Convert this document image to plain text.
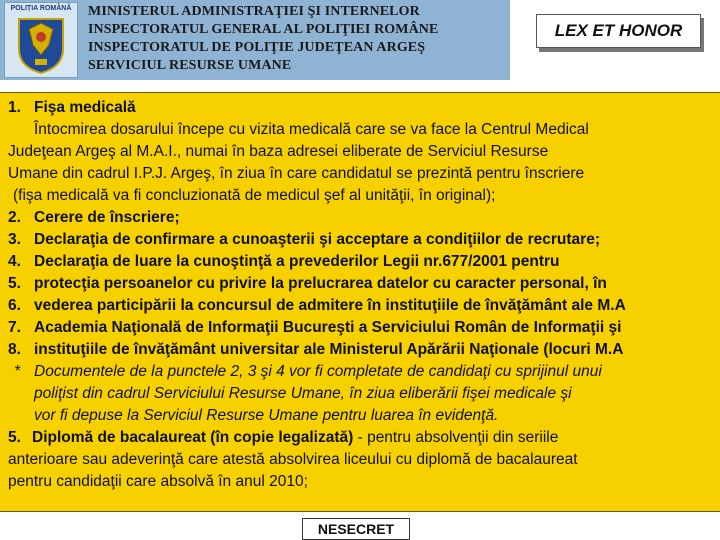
POLIȚIA ROMÂNĂ	MINISTERUL ADMINISTRAŢIEI ŞI INTERNELOR
INSPECTORATUL GENERAL AL POLIŢIEI ROMÂNE
INSPECTORATUL DE POLIŢIE JUDEŢEAN ARGEŞ
SERVICIUL RESURSE UMANE
LEX ET HONOR
1. Fişa medicală
Întocmirea dosarului începe cu vizita medicală care se va face la Centrul Medical
Judeţean Argeş al M.A.I., numai în baza adresei eliberate de Serviciul Resurse
Umane din cadrul I.P.J. Argeş, în ziua în care candidatul se prezintă pentru înscriere
(fişa medicală va fi concluzionată de medicul şef al unităţii, în original);
2. Cerere de înscriere;
3. Declaraţia de confirmare a cunoaşterii şi acceptare a condiţiilor de recrutare;
4. Declaraţia de luare la cunoştinţă a prevederilor Legii nr.677/2001 pentru
5. protecţia persoanelor cu privire la prelucrarea datelor cu caracter personal, în
6. vederea participării la concursul de admitere în instituţiile de învăţământ ale M.A
7. Academia Naţională de Informaţii Bucureşti a Serviciului Român de Informaţii şi
8. instituţiile de învăţământ universitar ale Ministerul Apărării Naţionale (locuri M.A
* Documentele de la punctele 2, 3 şi 4 vor fi completate de candidaţi cu sprijinul unui
poliţist din cadrul Serviciului Resurse Umane, în ziua eliberării fişei medicale şi
vor fi depuse la Serviciul Resurse Umane pentru luarea în evidenţă.
5. Diplomă de bacalaureat (în copie legalizată) - pentru absolvenţii din seriile
anterioare sau adeverinţă care atestă absolvirea liceului cu diplomă de bacalaureat
pentru candidaţii care absolvă în anul 2010;
NESECRET
